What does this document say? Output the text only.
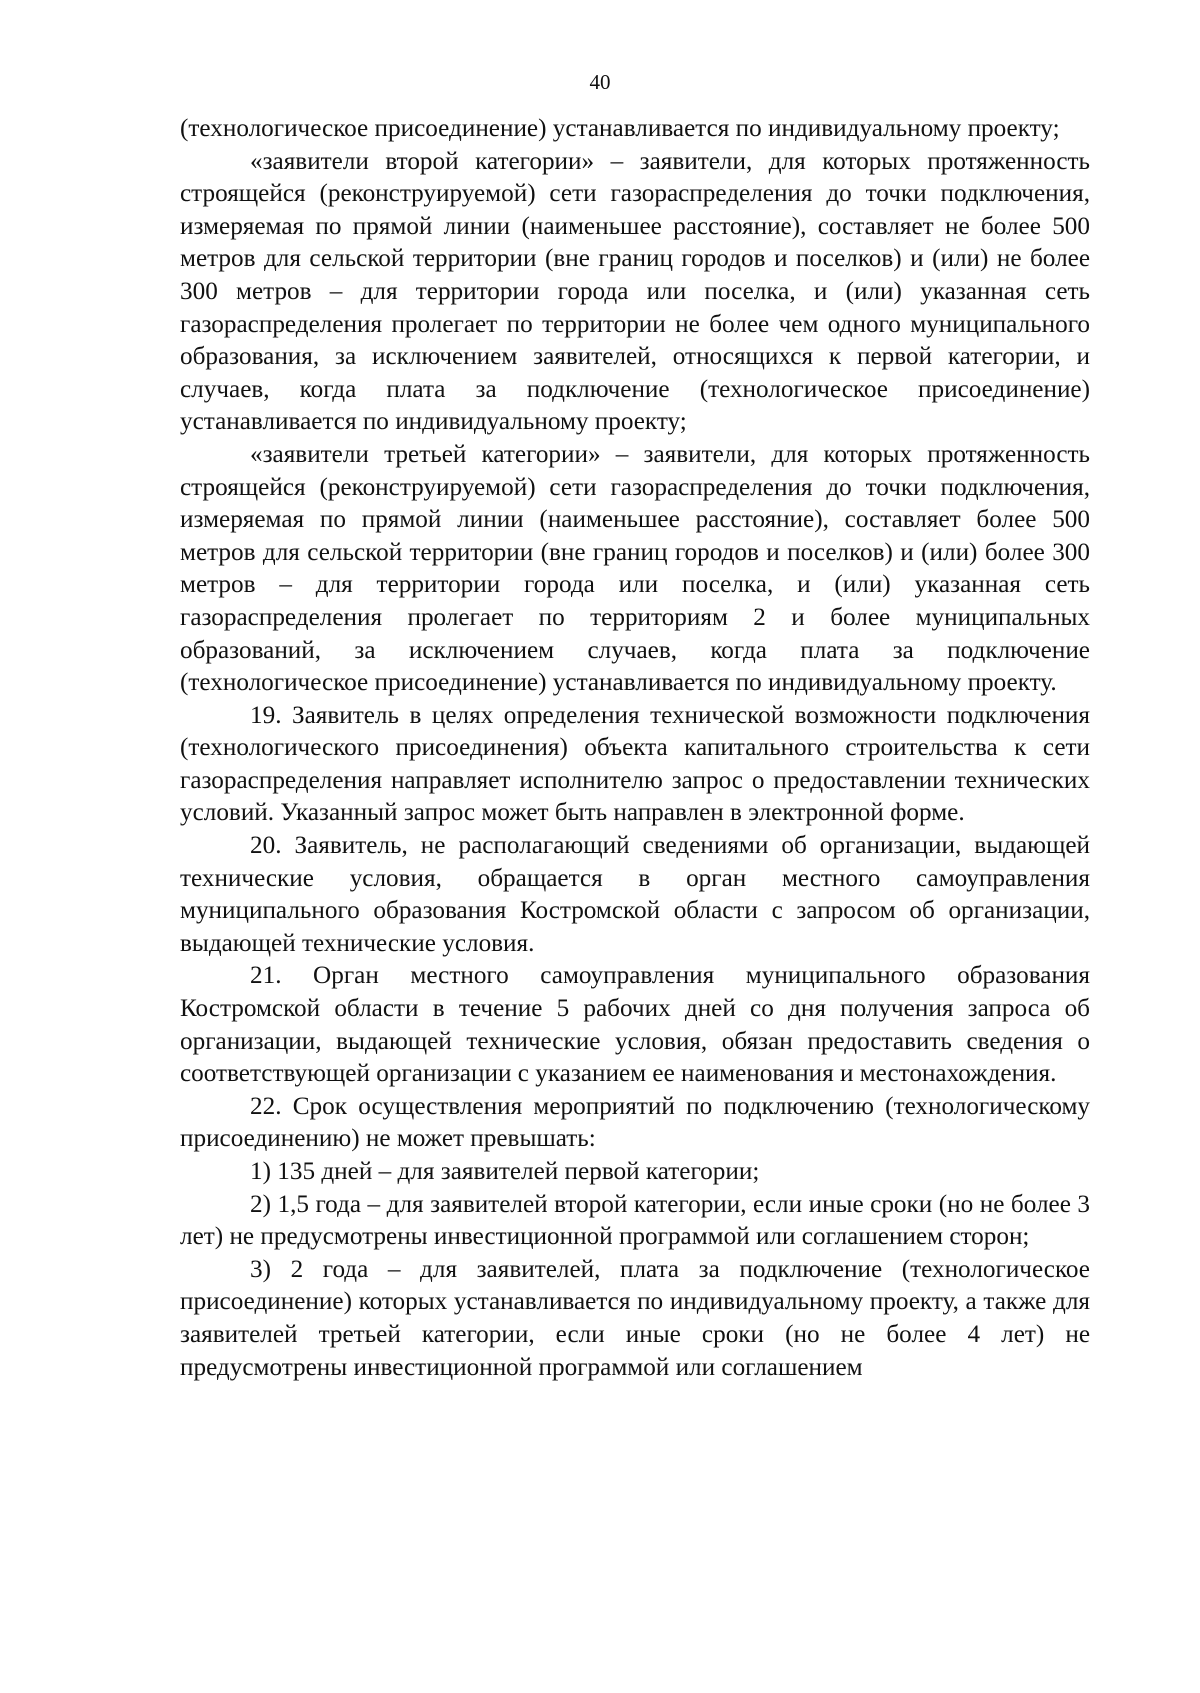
40

(технологическое присоединение) устанавливается по индивидуальному проекту;

«заявители второй категории» – заявители, для которых протяженность строящейся (реконструируемой) сети газораспределения до точки подключения, измеряемая по прямой линии (наименьшее расстояние), составляет не более 500 метров для сельской территории (вне границ городов и поселков) и (или) не более 300 метров – для территории города или поселка, и (или) указанная сеть газораспределения пролегает по территории не более чем одного муниципального образования, за исключением заявителей, относящихся к первой категории, и случаев, когда плата за подключение (технологическое присоединение) устанавливается по индивидуальному проекту;

«заявители третьей категории» – заявители, для которых протяженность строящейся (реконструируемой) сети газораспределения до точки подключения, измеряемая по прямой линии (наименьшее расстояние), составляет более 500 метров для сельской территории (вне границ городов и поселков) и (или) более 300 метров – для территории города или поселка, и (или) указанная сеть газораспределения пролегает по территориям 2 и более муниципальных образований, за исключением случаев, когда плата за подключение (технологическое присоединение) устанавливается по индивидуальному проекту.

19. Заявитель в целях определения технической возможности подключения (технологического присоединения) объекта капитального строительства к сети газораспределения направляет исполнителю запрос о предоставлении технических условий. Указанный запрос может быть направлен в электронной форме.

20. Заявитель, не располагающий сведениями об организации, выдающей технические условия, обращается в орган местного самоуправления муниципального образования Костромской области с запросом об организации, выдающей технические условия.

21. Орган местного самоуправления муниципального образования Костромской области в течение 5 рабочих дней со дня получения запроса об организации, выдающей технические условия, обязан предоставить сведения о соответствующей организации с указанием ее наименования и местонахождения.

22. Срок осуществления мероприятий по подключению (технологическому присоединению) не может превышать:

1) 135 дней – для заявителей первой категории;

2) 1,5 года – для заявителей второй категории, если иные сроки (но не более 3 лет) не предусмотрены инвестиционной программой или соглашением сторон;

3) 2 года – для заявителей, плата за подключение (технологическое присоединение) которых устанавливается по индивидуальному проекту, а также для заявителей третьей категории, если иные сроки (но не более 4 лет) не предусмотрены инвестиционной программой или соглашением
